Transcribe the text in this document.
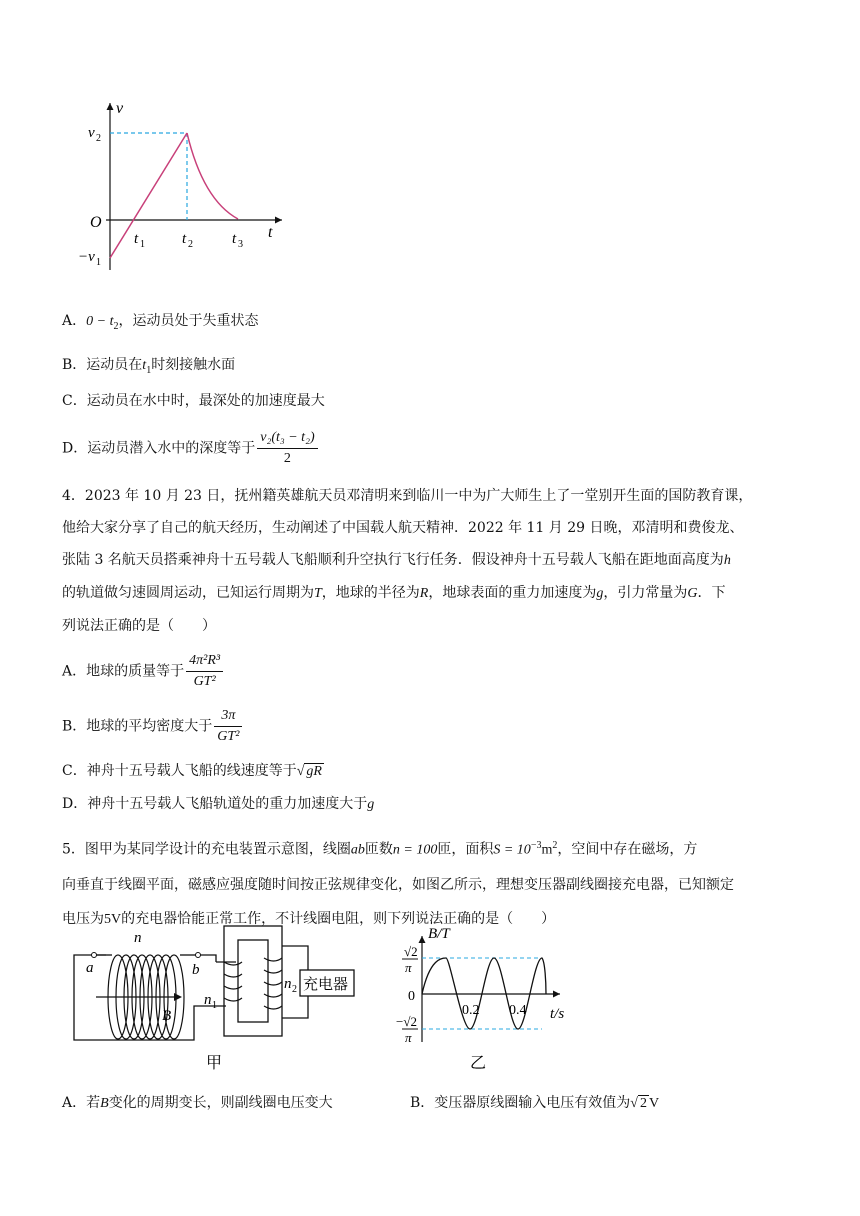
v
t
v 2
O
−v 1
t 1 t 2	t 3
A．$0 - t_2$，运动员处于失重状态
B．运动员在$t_1$时刻接触水面
C．运动员在水中时，最深处的加速度最大
D．运动员潜入水中的深度等于 $\frac{\text{v₂(t₃ − t₂)}}{2}$
4．2023 年 10 月 23 日，抚州籍英雄航天员邓清明来到临川一中为广大师生上了一堂别开生面的国防教育课，
他给大家分享了自己的航天经历，生动阐述了中国载人航天精神．2022 年 11 月 29 日晚，邓清明和费俊龙、
张陆 3 名航天员搭乘神舟十五号载人飞船顺利升空执行飞行任务．假设神舟十五号载人飞船在距地面高度为h
的轨道做匀速圆周运动，已知运行周期为T，地球的半径为R，地球表面的重力加速度为g，引力常量为G．下
列说法正确的是（　　）
A．地球的质量等于 $\frac{\text{4π²R³}}{\text{GT²}}$
B．地球的平均密度大于 $\frac{3\pi}{\text{GT²}}$
C．神舟十五号载人飞船的线速度等于√ gR
D．神舟十五号载人飞船轨道处的重力加速度大于g
5．图甲为某同学设计的充电装置示意图，线圈ab匝数n = 100匝，面积$S = 10^{-3}m^2$，空间中存在磁场，方
向垂直于线圈平面，磁感应强度随时间按正弦规律变化，如图乙所示，理想变压器副线圈接充电器，已知额定
电压为5V的充电器恰能正常工作，不计线圈电阻，则下列说法正确的是（　　）
充电器
n
a	b
B
n 1
n 2
甲
B/T
t/s
√2
π
0
−√2
π
0.2 0.4
乙
A．若B变化的周期变长，则副线圈电压变大	B．变压器原线圈输入电压有效值为√ 2 V
